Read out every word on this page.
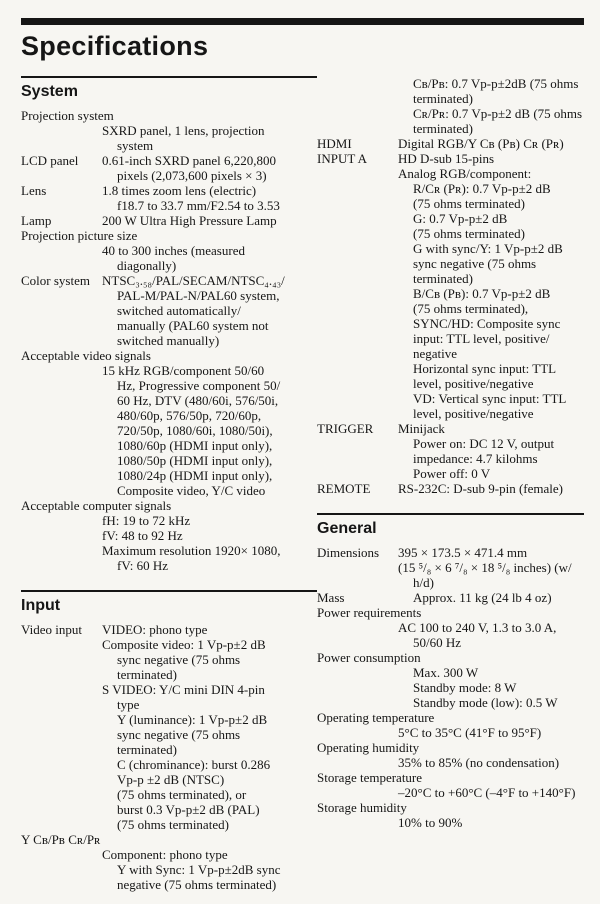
Specifications
System
Projection system
SXRD panel, 1 lens, projection
system
LCD panel 0.61-inch SXRD panel 6,220,800
pixels (2,073,600 pixels × 3)
Lens	1.8 times zoom lens (electric)
f18.7 to 33.7 mm/F2.54 to 3.53
Lamp	200 W Ultra High Pressure Lamp
Projection picture size
40 to 300 inches (measured
diagonally)
Color system NTSC₃.₅₈/PAL/SECAM/NTSC₄.₄₃/
PAL-M/PAL-N/PAL60 system,
switched automatically/
manually (PAL60 system not
switched manually)
Acceptable video signals
15 kHz RGB/component 50/60
Hz, Progressive component 50/
60 Hz, DTV (480/60i, 576/50i,
480/60p, 576/50p, 720/60p,
720/50p, 1080/60i, 1080/50i),
1080/60p (HDMI input only),
1080/50p (HDMI input only),
1080/24p (HDMI input only),
Composite video, Y/C video
Acceptable computer signals
fH: 19 to 72 kHz
fV: 48 to 92 Hz
Maximum resolution 1920× 1080,
fV: 60 Hz
Input
Video input VIDEO: phono type
Composite video: 1 Vp-p±2 dB
sync negative (75 ohms
terminated)
S VIDEO: Y/C mini DIN 4-pin
type
Y (luminance): 1 Vp-p±2 dB
sync negative (75 ohms
terminated)
C (chrominance): burst 0.286
Vp-p ±2 dB (NTSC)
(75 ohms terminated), or
burst 0.3 Vp-p±2 dB (PAL)
(75 ohms terminated)
Y Cʙ/Pʙ Cʀ/Pʀ
Component: phono type
Y with Sync: 1 Vp-p±2dB sync
negative (75 ohms terminated)
Cʙ/Pʙ: 0.7 Vp-p±2dB (75 ohms
terminated)
Cʀ/Pʀ: 0.7 Vp-p±2 dB (75 ohms
terminated)
HDMI	Digital RGB/Y Cʙ (Pʙ) Cʀ (Pʀ)
INPUT A HD D-sub 15-pins
Analog RGB/component:
R/Cʀ (Pʀ): 0.7 Vp-p±2 dB
(75 ohms terminated)
G: 0.7 Vp-p±2 dB
(75 ohms terminated)
G with sync/Y: 1 Vp-p±2 dB
sync negative (75 ohms
terminated)
B/Cʙ (Pʙ): 0.7 Vp-p±2 dB
(75 ohms terminated),
SYNC/HD: Composite sync
input: TTL level, positive/
negative
Horizontal sync input: TTL
level, positive/negative
VD: Vertical sync input: TTL
level, positive/negative
TRIGGER Minijack
Power on: DC 12 V, output
impedance: 4.7 kilohms
Power off: 0 V
REMOTE RS-232C: D-sub 9-pin (female)
General
Dimensions 395 × 173.5 × 471.4 mm
(15 ⁵/₈ × 6 ⁷/₈ × 18 ⁵/₈ inches) (w/
h/d)
Mass	Approx. 11 kg (24 lb 4 oz)
Power requirements
AC 100 to 240 V, 1.3 to 3.0 A,
50/60 Hz
Power consumption
Max. 300 W
Standby mode: 8 W
Standby mode (low): 0.5 W
Operating temperature
5°C to 35°C (41°F to 95°F)
Operating humidity
35% to 85% (no condensation)
Storage temperature
–20°C to +60°C (–4°F to +140°F)
Storage humidity
10% to 90%
